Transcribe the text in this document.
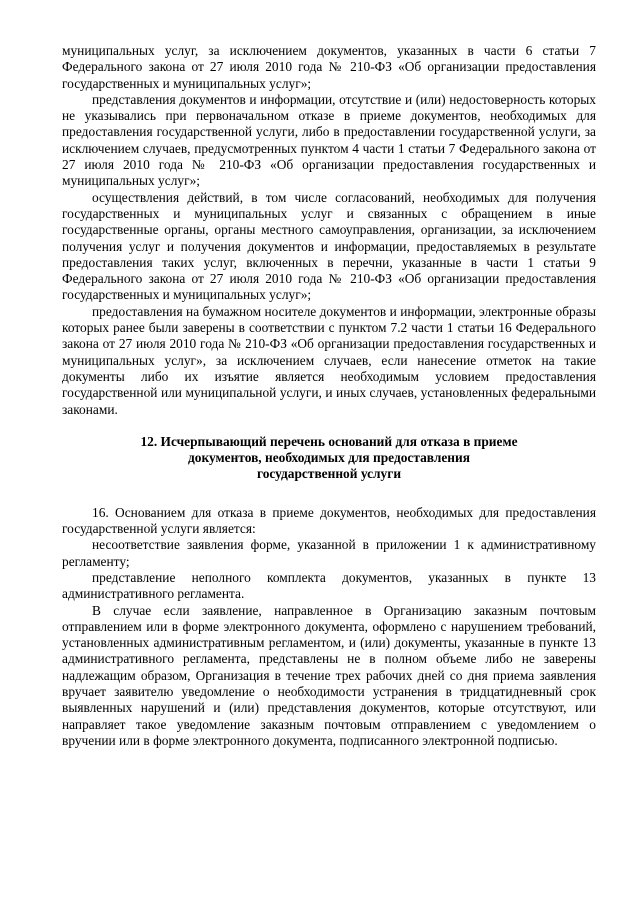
муниципальных услуг, за исключением документов, указанных в части 6 статьи 7 Федерального закона от 27 июля 2010 года № 210-ФЗ «Об организации предоставления государственных и муниципальных услуг»;

представления документов и информации, отсутствие и (или) недостоверность которых не указывались при первоначальном отказе в приеме документов, необходимых для предоставления государственной услуги, либо в предоставлении государственной услуги, за исключением случаев, предусмотренных пунктом 4 части 1 статьи 7 Федерального закона от 27 июля 2010 года № 210-ФЗ «Об организации предоставления государственных и муниципальных услуг»;

осуществления действий, в том числе согласований, необходимых для получения государственных и муниципальных услуг и связанных с обращением в иные государственные органы, органы местного самоуправления, организации, за исключением получения услуг и получения документов и информации, предоставляемых в результате предоставления таких услуг, включенных в перечни, указанные в части 1 статьи 9 Федерального закона от 27 июля 2010 года № 210-ФЗ «Об организации предоставления государственных и муниципальных услуг»;

предоставления на бумажном носителе документов и информации, электронные образы которых ранее были заверены в соответствии с пунктом 7.2 части 1 статьи 16 Федерального закона от 27 июля 2010 года № 210-ФЗ «Об организации предоставления государственных и муниципальных услуг», за исключением случаев, если нанесение отметок на такие документы либо их изъятие является необходимым условием предоставления государственной или муниципальной услуги, и иных случаев, установленных федеральными законами.

12. Исчерпывающий перечень оснований для отказа в приеме
документов, необходимых для предоставления
государственной услуги

16. Основанием для отказа в приеме документов, необходимых для предоставления государственной услуги является:

несоответствие заявления форме, указанной в приложении 1 к административному регламенту;

представление неполного комплекта документов, указанных в пункте 13 административного регламента.

В случае если заявление, направленное в Организацию заказным почтовым отправлением или в форме электронного документа, оформлено с нарушением требований, установленных административным регламентом, и (или) документы, указанные в пункте 13 административного регламента, представлены не в полном объеме либо не заверены надлежащим образом, Организация в течение трех рабочих дней со дня приема заявления вручает заявителю уведомление о необходимости устранения в тридцатидневный срок выявленных нарушений и (или) представления документов, которые отсутствуют, или направляет такое уведомление заказным почтовым отправлением с уведомлением о вручении или в форме электронного документа, подписанного электронной подписью.
